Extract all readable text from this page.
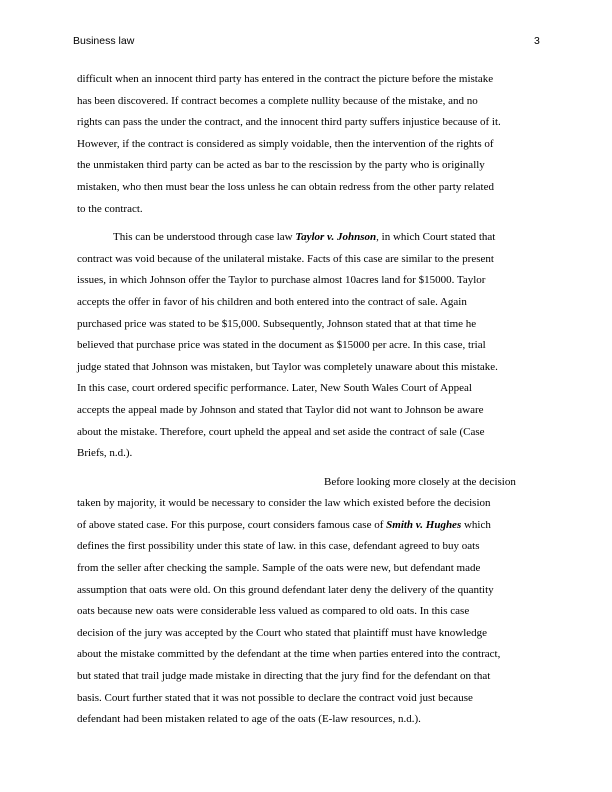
Business law	3
difficult when an innocent third party has entered in the contract the picture before the mistake
has been discovered. If contract becomes a complete nullity because of the mistake, and no
rights can pass the under the contract, and the innocent third party suffers injustice because of it.
However, if the contract is considered as simply voidable, then the intervention of the rights of
the unmistaken third party can be acted as bar to the rescission by the party who is originally
mistaken, who then must bear the loss unless he can obtain redress from the other party related
to the contract.
This can be understood through case law Taylor v. Johnson, in which Court stated that
contract was void because of the unilateral mistake. Facts of this case are similar to the present
issues, in which Johnson offer the Taylor to purchase almost 10acres land for $15000. Taylor
accepts the offer in favor of his children and both entered into the contract of sale. Again
purchased price was stated to be $15,000. Subsequently, Johnson stated that at that time he
believed that purchase price was stated in the document as $15000 per acre. In this case, trial
judge stated that Johnson was mistaken, but Taylor was completely unaware about this mistake.
In this case, court ordered specific performance. Later, New South Wales Court of Appeal
accepts the appeal made by Johnson and stated that Taylor did not want to Johnson be aware
about the mistake. Therefore, court upheld the appeal and set aside the contract of sale (Case
Briefs, n.d.).
Before looking more closely at the decision
taken by majority, it would be necessary to consider the law which existed before the decision
of above stated case. For this purpose, court considers famous case of Smith v. Hughes which
defines the first possibility under this state of law. in this case, defendant agreed to buy oats
from the seller after checking the sample. Sample of the oats were new, but defendant made
assumption that oats were old. On this ground defendant later deny the delivery of the quantity
oats because new oats were considerable less valued as compared to old oats. In this case
decision of the jury was accepted by the Court who stated that plaintiff must have knowledge
about the mistake committed by the defendant at the time when parties entered into the contract,
but stated that trail judge made mistake in directing that the jury find for the defendant on that
basis. Court further stated that it was not possible to declare the contract void just because
defendant had been mistaken related to age of the oats (E-law resources, n.d.).
